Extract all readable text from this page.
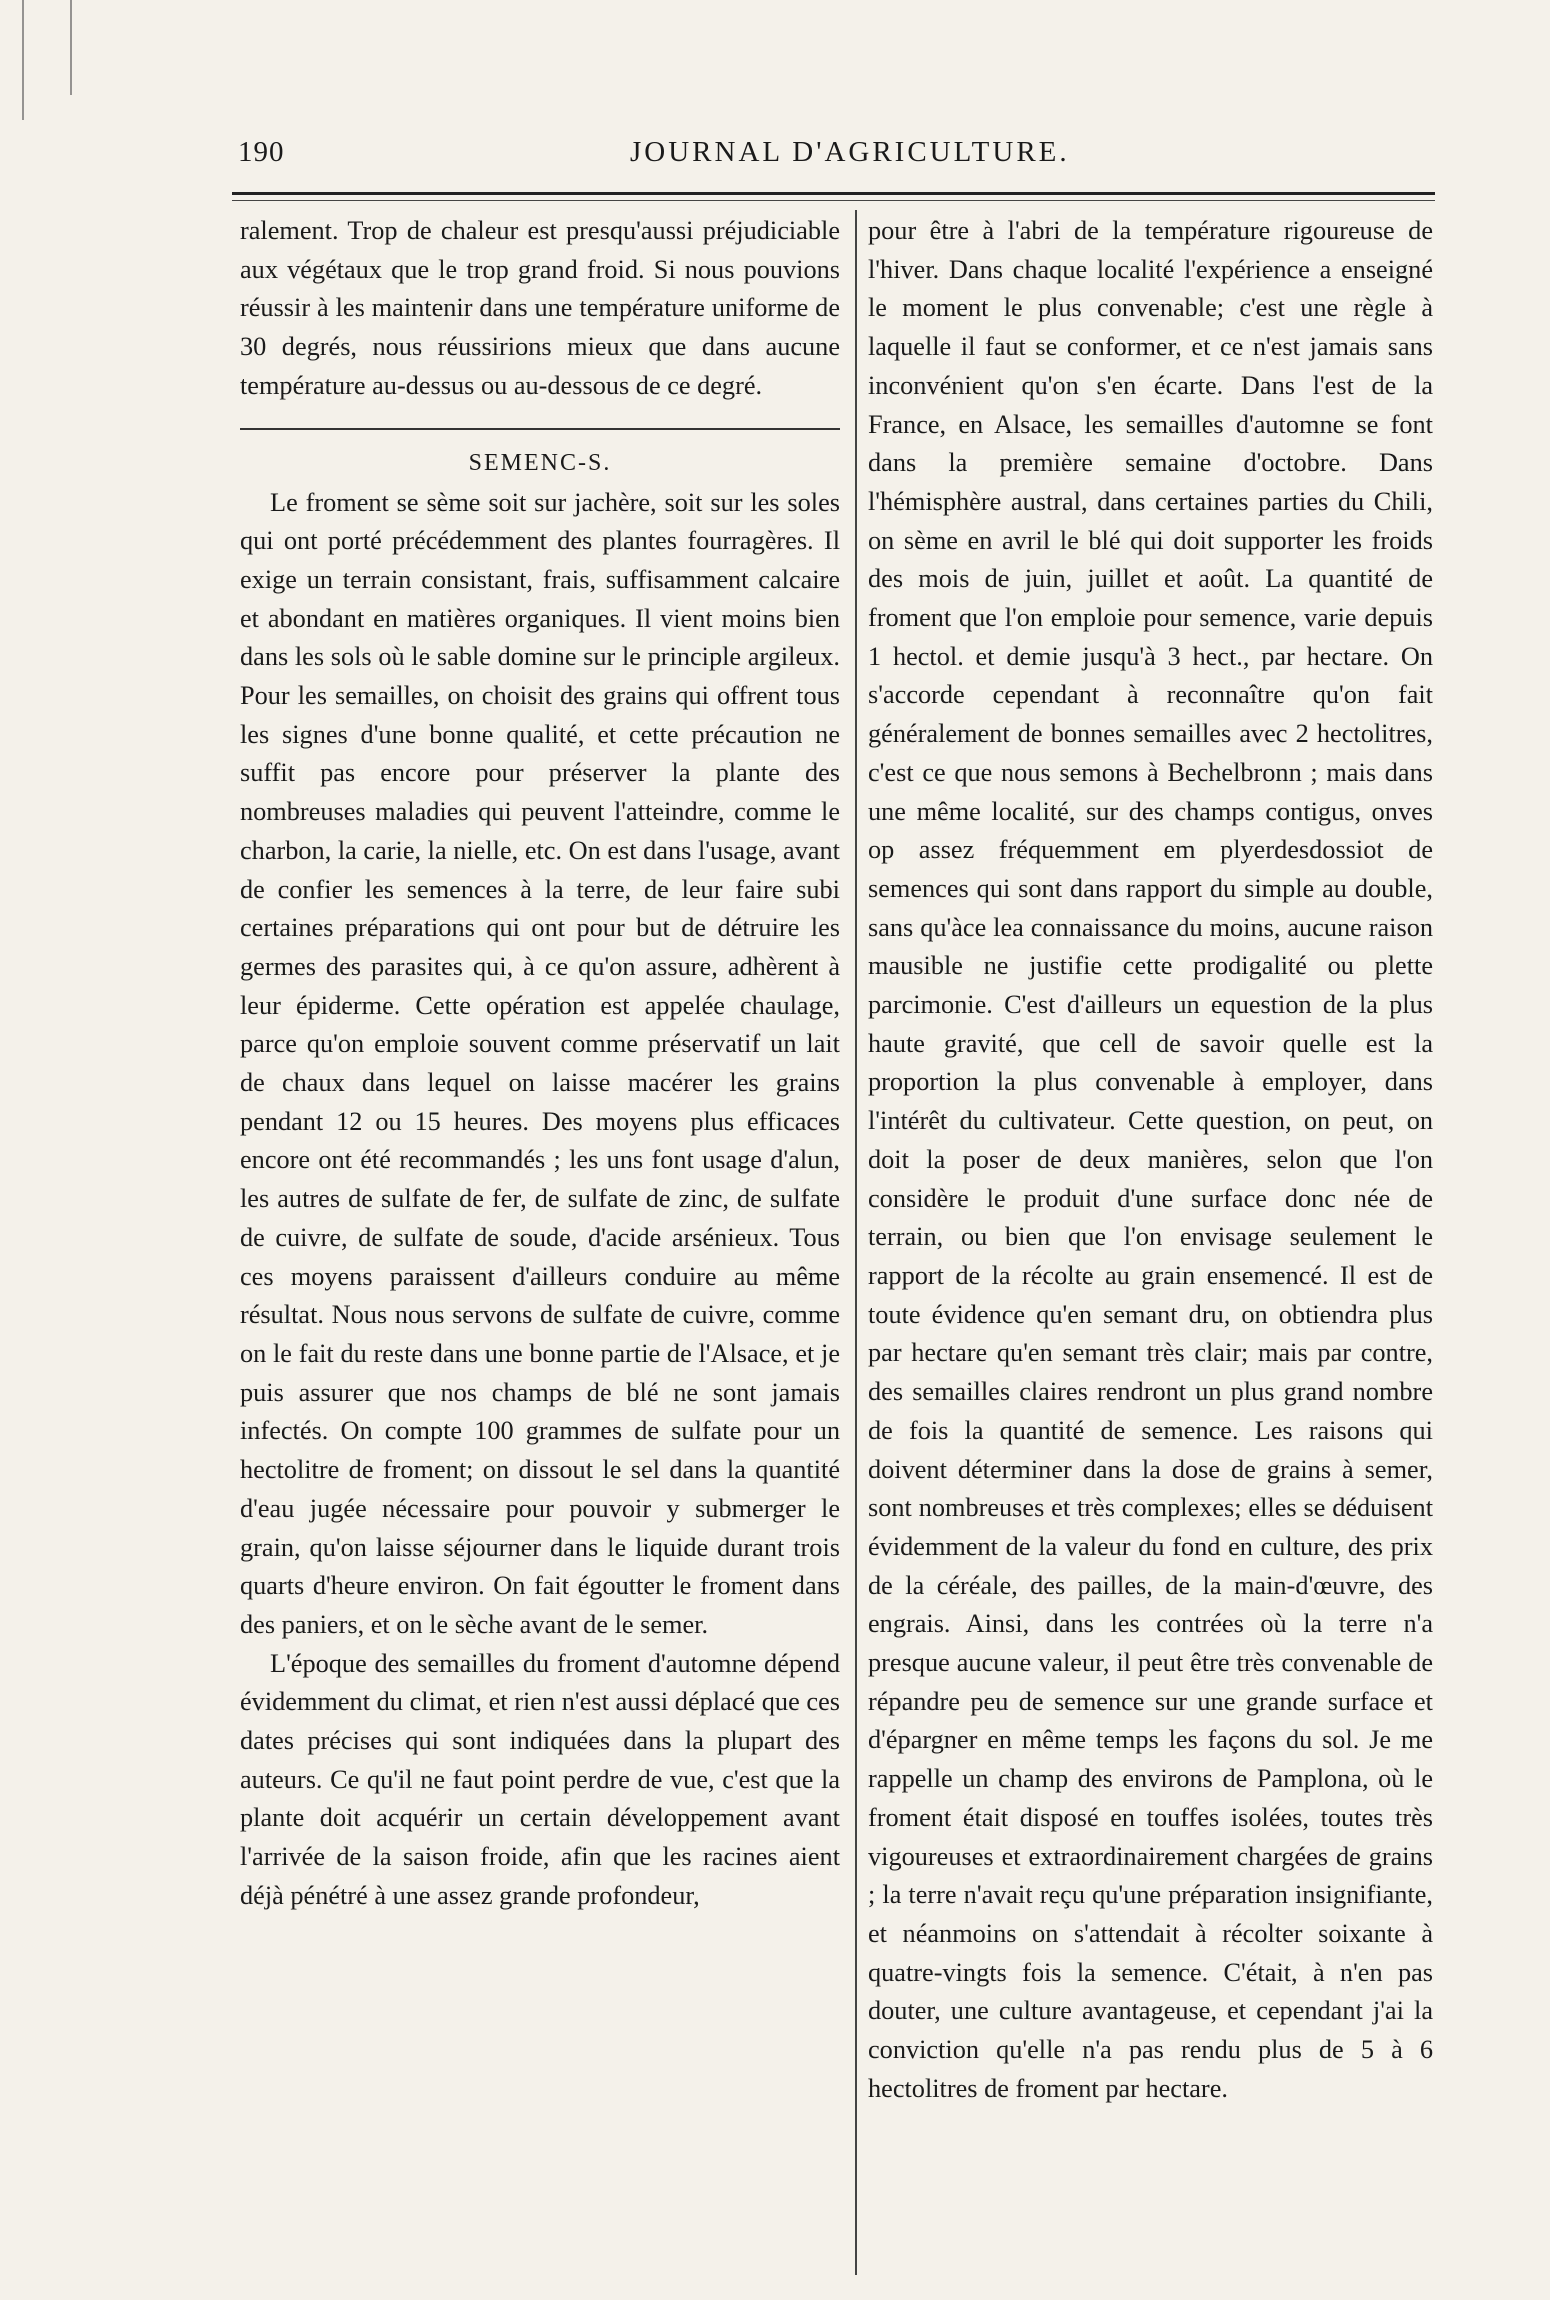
190	JOURNAL D'AGRICULTURE.

ralement. Trop de chaleur est presqu'aussi préjudiciable aux végétaux que le trop grand froid. Si nous pouvions réussir à les maintenir dans une température uniforme de 30 degrés, nous réussirions mieux que dans aucune température au-dessus ou au-dessous de ce degré.

SEMENC-S.

Le froment se sème soit sur jachère, soit sur les soles qui ont porté précédemment des plantes fourragères. Il exige un terrain consistant, frais, suffisamment calcaire et abondant en matières organiques. Il vient moins bien dans les sols où le sable domine sur le principle argileux. Pour les semailles, on choisit des grains qui offrent tous les signes d'une bonne qualité, et cette précaution ne suffit pas encore pour préserver la plante des nombreuses maladies qui peuvent l'atteindre, comme le charbon, la carie, la nielle, etc. On est dans l'usage, avant de confier les semences à la terre, de leur faire subi certaines préparations qui ont pour but de détruire les germes des parasites qui, à ce qu'on assure, adhèrent à leur épiderme. Cette opération est appelée chaulage, parce qu'on emploie souvent comme préservatif un lait de chaux dans lequel on laisse macérer les grains pendant 12 ou 15 heures. Des moyens plus efficaces encore ont été recommandés ; les uns font usage d'alun, les autres de sulfate de fer, de sulfate de zinc, de sulfate de cuivre, de sulfate de soude, d'acide arsénieux. Tous ces moyens paraissent d'ailleurs conduire au même résultat. Nous nous servons de sulfate de cuivre, comme on le fait du reste dans une bonne partie de l'Alsace, et je puis assurer que nos champs de blé ne sont jamais infectés. On compte 100 grammes de sulfate pour un hectolitre de froment; on dissout le sel dans la quantité d'eau jugée nécessaire pour pouvoir y submerger le grain, qu'on laisse séjourner dans le liquide durant trois quarts d'heure environ. On fait égoutter le froment dans des paniers, et on le sèche avant de le semer.

L'époque des semailles du froment d'automne dépend évidemment du climat, et rien n'est aussi déplacé que ces dates précises qui sont indiquées dans la plupart des auteurs. Ce qu'il ne faut point perdre de vue, c'est que la plante doit acquérir un certain développement avant l'arrivée de la saison froide, afin que les racines aient déjà pénétré à une assez grande profondeur,

pour être à l'abri de la température rigoureuse de l'hiver. Dans chaque localité l'expérience a enseigné le moment le plus convenable; c'est une règle à laquelle il faut se conformer, et ce n'est jamais sans inconvénient qu'on s'en écarte. Dans l'est de la France, en Alsace, les semailles d'automne se font dans la première semaine d'octobre. Dans l'hémisphère austral, dans certaines parties du Chili, on sème en avril le blé qui doit supporter les froids des mois de juin, juillet et août. La quantité de froment que l'on emploie pour semence, varie depuis 1 hectol. et demie jusqu'à 3 hect., par hectare. On s'accorde cependant à reconnaître qu'on fait généralement de bonnes semailles avec 2 hectolitres, c'est ce que nous semons à Bechelbronn ; mais dans une même localité, sur des champs contigus, onves op assez fréquemment em plyerdesdossiot de semences qui sont dans rapport du simple au double, sans qu'àce lea connaissance du moins, aucune raison mausible ne justifie cette prodigalité ou plette parcimonie. C'est d'ailleurs un equestion de la plus haute gravité, que cell de savoir quelle est la proportion la plus convenable à employer, dans l'intérêt du cultivateur. Cette question, on peut, on doit la poser de deux manières, selon que l'on considère le produit d'une surface donc née de terrain, ou bien que l'on envisage seulement le rapport de la récolte au grain ensemencé. Il est de toute évidence qu'en semant dru, on obtiendra plus par hectare qu'en semant très clair; mais par contre, des semailles claires rendront un plus grand nombre de fois la quantité de semence. Les raisons qui doivent déterminer dans la dose de grains à semer, sont nombreuses et très complexes; elles se déduisent évidemment de la valeur du fond en culture, des prix de la céréale, des pailles, de la main-d'œuvre, des engrais. Ainsi, dans les contrées où la terre n'a presque aucune valeur, il peut être très convenable de répandre peu de semence sur une grande surface et d'épargner en même temps les façons du sol. Je me rappelle un champ des environs de Pamplona, où le froment était disposé en touffes isolées, toutes très vigoureuses et extraordinairement chargées de grains ; la terre n'avait reçu qu'une préparation insignifiante, et néanmoins on s'attendait à récolter soixante à quatre-vingts fois la semence. C'était, à n'en pas douter, une culture avantageuse, et cependant j'ai la conviction qu'elle n'a pas rendu plus de 5 à 6 hectolitres de froment par hectare.
